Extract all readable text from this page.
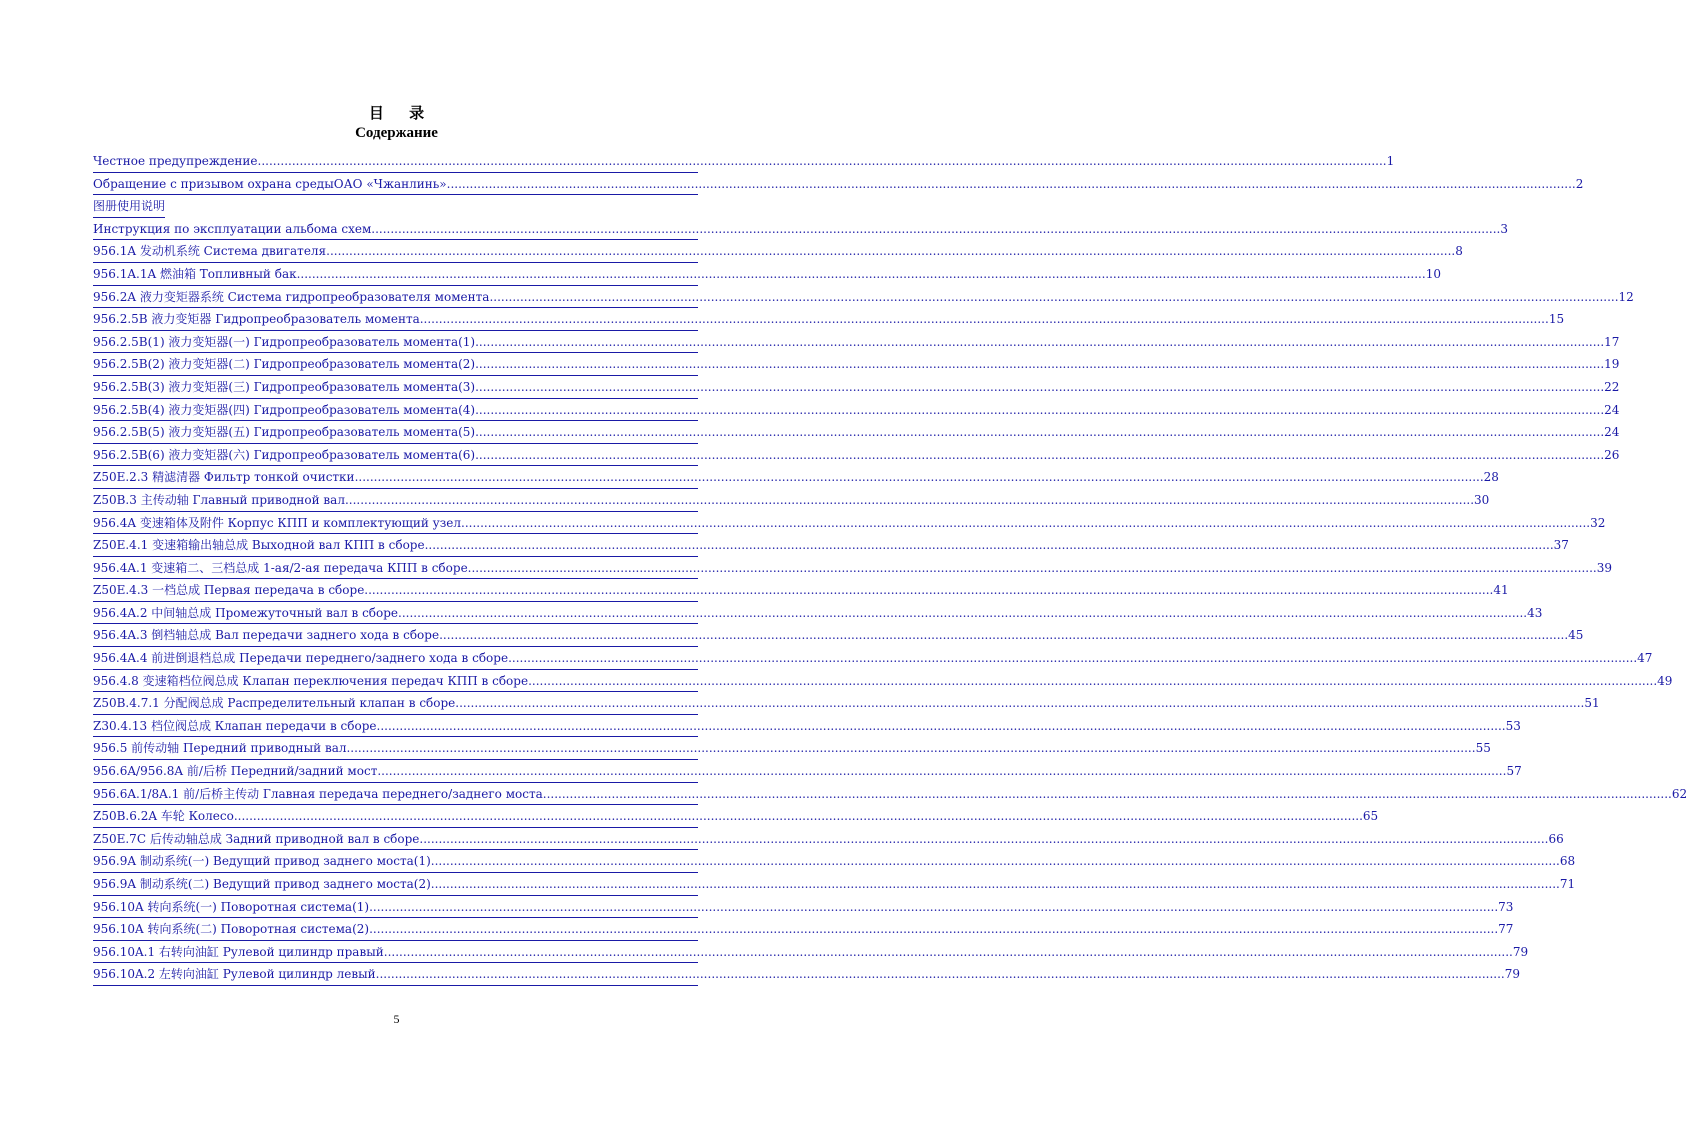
目 录
Содержание
Честное предупреждение .....	1
Обращение с призывом охрана средыОАО «Чжанлинь» .....	2
图册使用说明
Инструкция по эксплуатации альбома схем .....	3
956.1A 发动机系统 Система двигателя .....	8
956.1A.1A 燃油箱 Топливный бак .....	10
956.2A 液力变矩器系统 Система гидропреобразователя момента .....	12
956.2.5B 液力变矩器 Гидропреобразователь момента .....	15
956.2.5B(1) 液力变矩器(一) Гидропреобразователь момента(1) .....	17
956.2.5B(2) 液力变矩器(二) Гидропреобразователь момента(2) .....	19
956.2.5B(3) 液力变矩器(三) Гидропреобразователь момента(3) .....	22
956.2.5B(4) 液力变矩器(四) Гидропреобразователь момента(4) .....	24
956.2.5B(5) 液力变矩器(五) Гидропреобразователь момента(5) .....	24
956.2.5B(6) 液力变矩器(六) Гидропреобразователь момента(6) .....	26
Z50E.2.3 精滤清器 Фильтр тонкой очистки .....	28
Z50B.3 主传动轴 Главный приводной вал .....	30
956.4A 变速箱体及附件 Корпус КПП и комплектующий узел .....	32
Z50E.4.1 变速箱输出轴总成 Выходной вал КПП в сборе .....	37
956.4A.1 变速箱二、三档总成 1-ая/2-ая передача КПП в сборе .....	39
Z50E.4.3 一档总成 Первая передача в сборе .....	41
956.4A.2 中间轴总成 Промежуточный вал в сборе .....	43
956.4A.3 倒档轴总成 Вал передачи заднего хода в сборе .....	45
956.4A.4 前进倒退档总成 Передачи переднего/заднего хода в сборе .....	47
956.4.8 变速箱档位阀总成 Клапан переключения передач КПП в сборе .....	49
Z50B.4.7.1 分配阀总成 Распределительный клапан в сборе .....	51
Z30.4.13 档位阀总成 Клапан передачи в сборе .....	53
956.5 前传动轴 Передний приводный вал .....	55
956.6A/956.8A 前/后桥 Передний/задний мост .....	57
956.6A.1/8A.1 前/后桥主传动 Главная передача переднего/заднего моста .....	62
Z50B.6.2A 车轮 Колесо .....	65
Z50E.7C 后传动轴总成 Задний приводной вал в сборе .....	66
956.9A 制动系统(一) Ведущий привод заднего моста(1) .....	68
956.9A 制动系统(二) Ведущий привод заднего моста(2) .....	71
956.10A 转向系统(一) Поворотная система(1) .....	73
956.10A 转向系统(二) Поворотная система(2) .....	77
956.10A.1 右转向油缸 Рулевой цилиндр правый .....	79
956.10A.2 左转向油缸 Рулевой цилиндр левый .....	79
5
